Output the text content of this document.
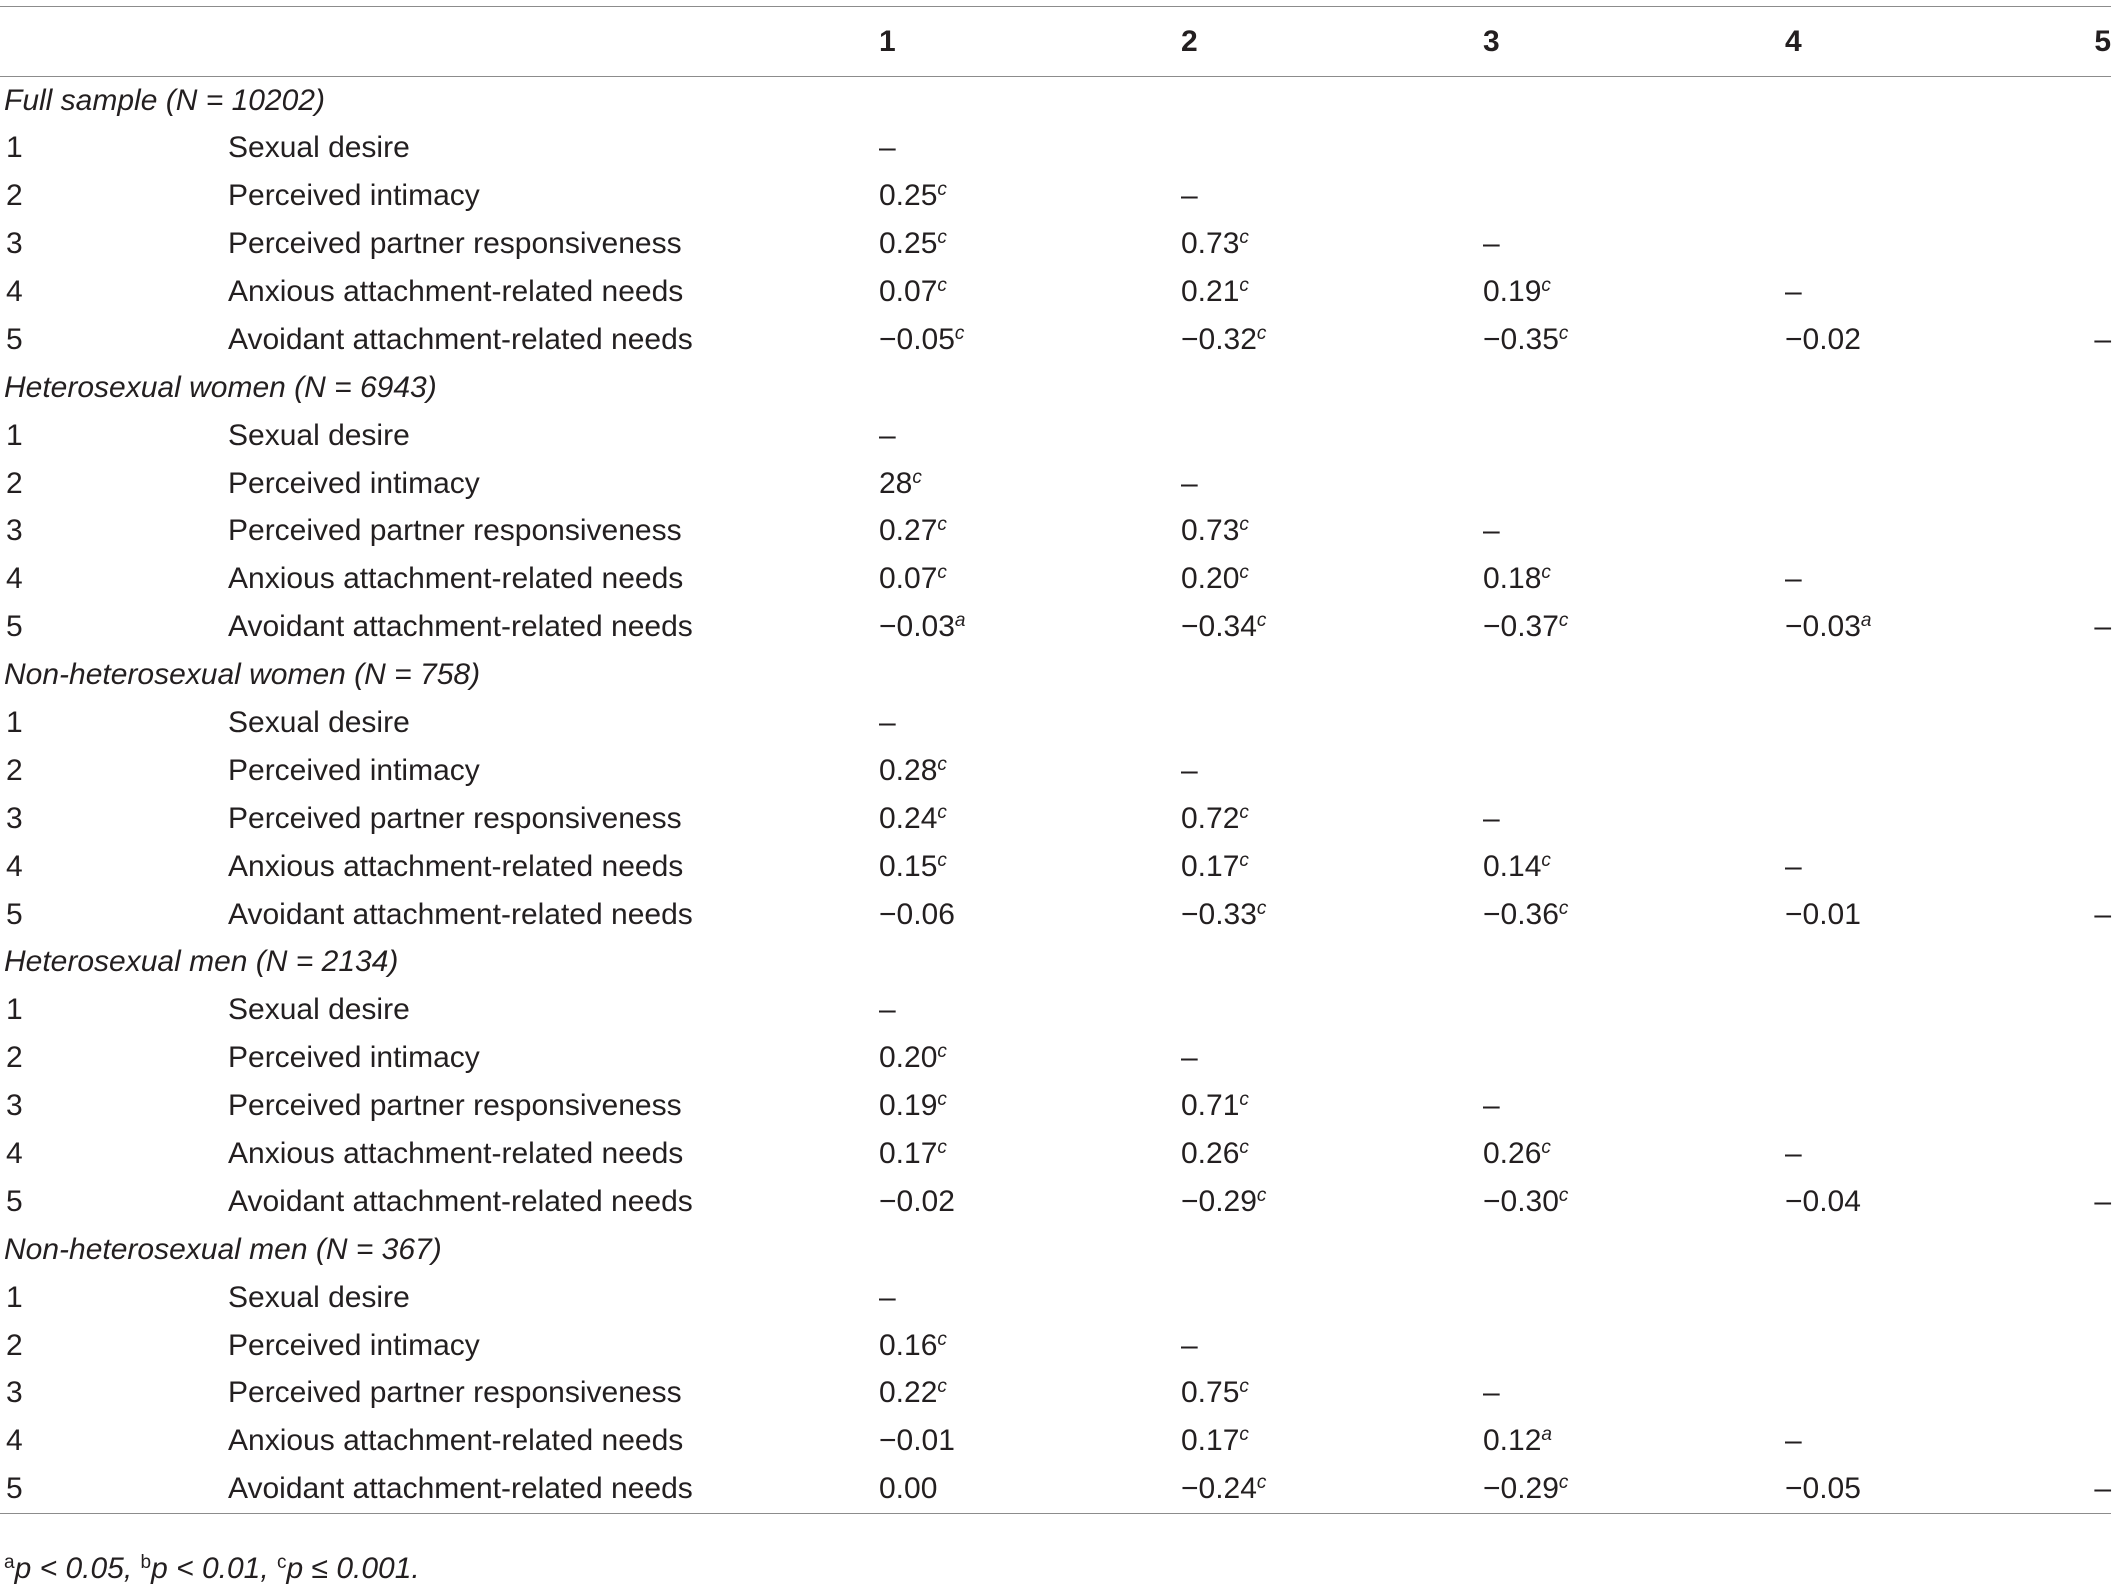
		1	2	3	4	5
Full sample (N = 10202)						
1	Sexual desire	–				
2	Perceived intimacy	0.25$^c$	–			
3	Perceived partner responsiveness	0.25$^c$	0.73$^c$	–		
4	Anxious attachment-related needs	0.07$^c$	0.21$^c$	0.19$^c$	–	
5	Avoidant attachment-related needs	−0.05$^c$	−0.32$^c$	−0.35$^c$	−0.02	–
Heterosexual women (N = 6943)						
1	Sexual desire	–				
2	Perceived intimacy	28$^c$	–			
3	Perceived partner responsiveness	0.27$^c$	0.73$^c$	–		
4	Anxious attachment-related needs	0.07$^c$	0.20$^c$	0.18$^c$	–	
5	Avoidant attachment-related needs	−0.03$^a$	−0.34$^c$	−0.37$^c$	−0.03$^a$	–
Non-heterosexual women (N = 758)						
1	Sexual desire	–				
2	Perceived intimacy	0.28$^c$	–			
3	Perceived partner responsiveness	0.24$^c$	0.72$^c$	–		
4	Anxious attachment-related needs	0.15$^c$	0.17$^c$	0.14$^c$	–	
5	Avoidant attachment-related needs	−0.06	−0.33$^c$	−0.36$^c$	−0.01	–
Heterosexual men (N = 2134)						
1	Sexual desire	–				
2	Perceived intimacy	0.20$^c$	–			
3	Perceived partner responsiveness	0.19$^c$	0.71$^c$	–		
4	Anxious attachment-related needs	0.17$^c$	0.26$^c$	0.26$^c$	–	
5	Avoidant attachment-related needs	−0.02	−0.29$^c$	−0.30$^c$	−0.04	–
Non-heterosexual men (N = 367)						
1	Sexual desire	–				
2	Perceived intimacy	0.16$^c$	–			
3	Perceived partner responsiveness	0.22$^c$	0.75$^c$	–		
4	Anxious attachment-related needs	−0.01	0.17$^c$	0.12$^a$	–	
5	Avoidant attachment-related needs	0.00	−0.24$^c$	−0.29$^c$	−0.05	–
$^a$p < 0.05, $^b$p < 0.01, $^c$p ≤ 0.001.
